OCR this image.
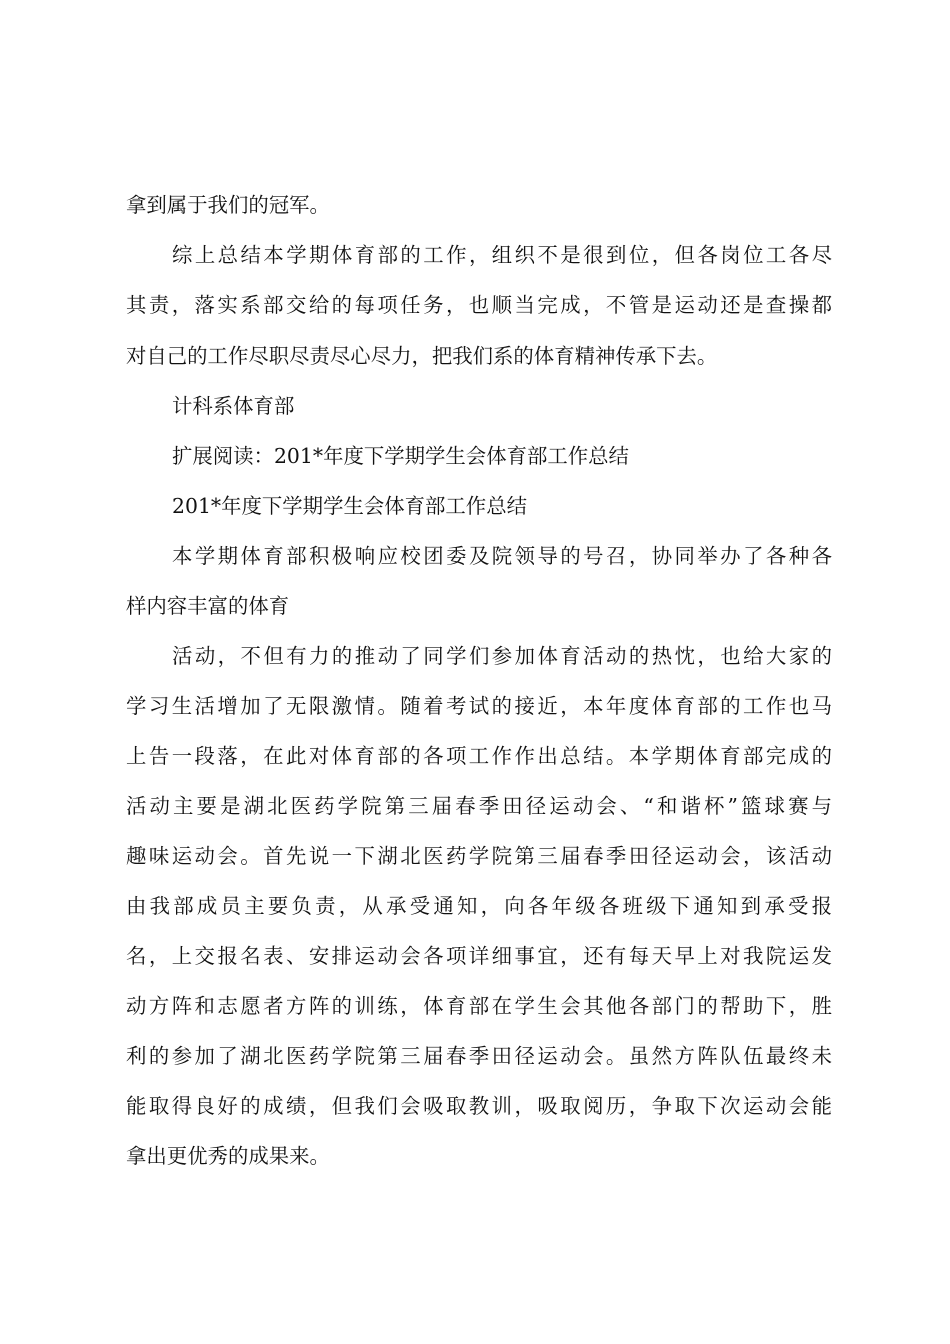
拿到属于我们的冠军。
综上总结本学期体育部的工作，组织不是很到位，但各岗位工各尽
其责，落实系部交给的每项任务，也顺当完成，不管是运动还是查操都
对自己的工作尽职尽责尽心尽力，把我们系的体育精神传承下去。
计科系体育部
扩展阅读：201*年度下学期学生会体育部工作总结
201*年度下学期学生会体育部工作总结
本学期体育部积极响应校团委及院领导的号召，协同举办了各种各
样内容丰富的体育
活动，不但有力的推动了同学们参加体育活动的热忱，也给大家的
学习生活增加了无限激情。随着考试的接近，本年度体育部的工作也马
上告一段落，在此对体育部的各项工作作出总结。本学期体育部完成的
活动主要是湖北医药学院第三届春季田径运动会、“和谐杯”篮球赛与
趣味运动会。首先说一下湖北医药学院第三届春季田径运动会，该活动
由我部成员主要负责，从承受通知，向各年级各班级下通知到承受报
名，上交报名表、安排运动会各项详细事宜，还有每天早上对我院运发
动方阵和志愿者方阵的训练，体育部在学生会其他各部门的帮助下，胜
利的参加了湖北医药学院第三届春季田径运动会。虽然方阵队伍最终未
能取得良好的成绩，但我们会吸取教训，吸取阅历，争取下次运动会能
拿出更优秀的成果来。
